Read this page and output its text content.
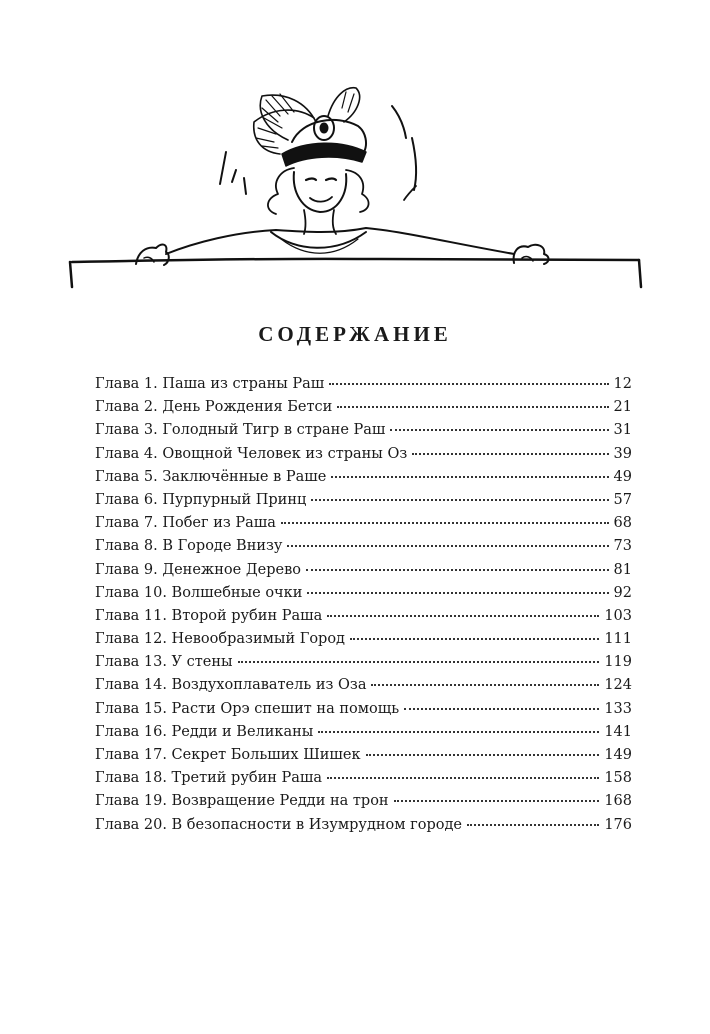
СОДЕРЖАНИЕ
Глава 1. Паша из страны Раш	12
Глава 2. День Рождения Бетси	21
Глава 3. Голодный Тигр в стране Раш	31
Глава 4. Овощной Человек из страны Оз	39
Глава 5. Заключённые в Раше	49
Глава 6. Пурпурный Принц	57
Глава 7. Побег из Раша	68
Глава 8. В Городе Внизу	73
Глава 9. Денежное Дерево	81
Глава 10. Волшебные очки	92
Глава 11. Второй рубин Раша	103
Глава 12. Невообразимый Город	111
Глава 13. У стены	119
Глава 14. Воздухоплаватель из Оза	124
Глава 15. Расти Орэ спешит на помощь	133
Глава 16. Редди и Великаны	141
Глава 17. Секрет Больших Шишек	149
Глава 18. Третий рубин Раша	158
Глава 19. Возвращение Редди на трон	168
Глава 20. В безопасности в Изумрудном городе	176
